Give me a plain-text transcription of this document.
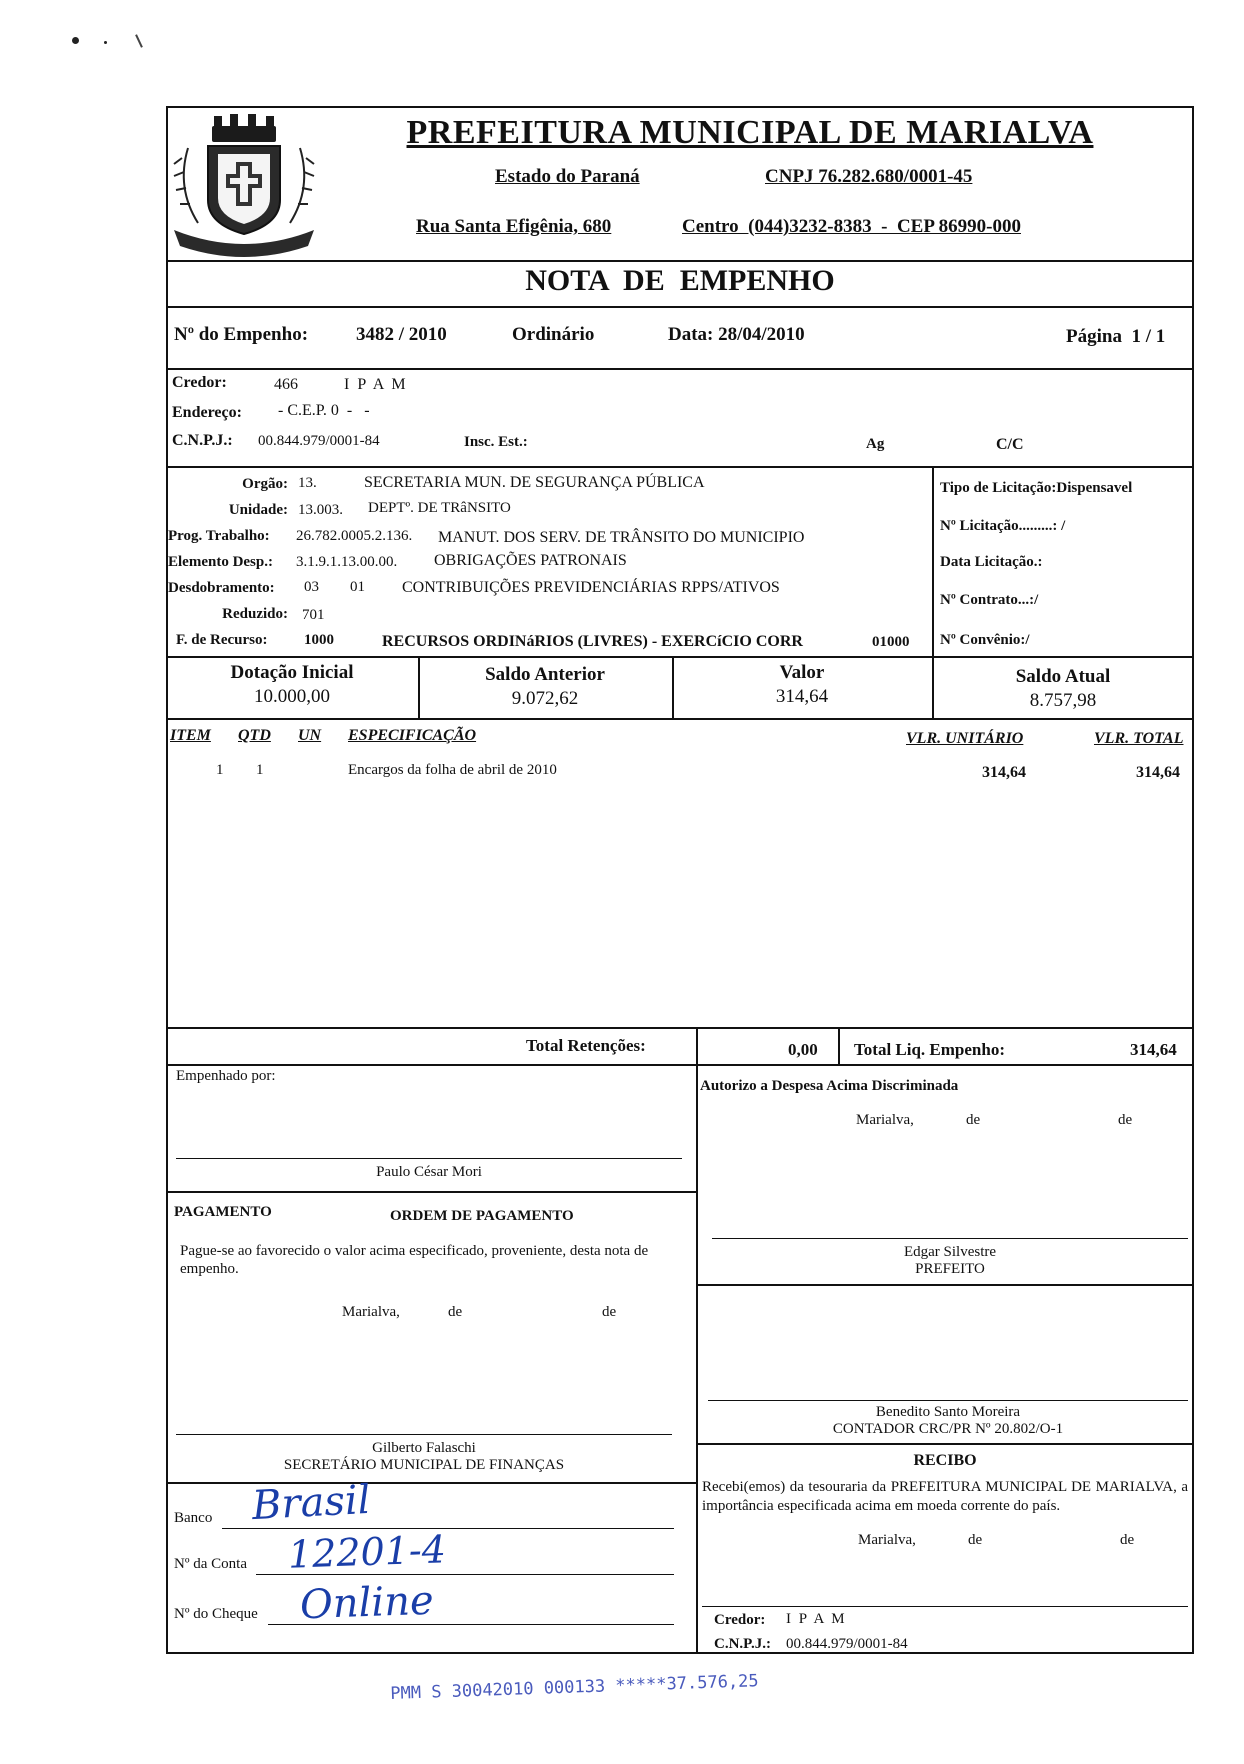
PREFEITURA MUNICIPAL DE MARIALVA
Estado do Paraná	CNPJ 76.282.680/0001-45
Rua Santa Efigênia, 680	Centro  (044)3232-8383  -  CEP 86990-000
NOTA  DE  EMPENHO
Nº do Empenho:	3482 / 2010	Ordinário	Data: 28/04/2010	Página  1 / 1
Credor:	466	I P A M
Endereço: - C.E.P. 0  -   -
C.N.P.J.: 00.844.979/0001-84	Insc. Est.:	Ag	C/C
Orgão: 13.	SECRETARIA MUN. DE SEGURANÇA PÚBLICA
Unidade: 13.003. DEPTº. DE TRâNSITO
Prog. Trabalho: 26.782.0005.2.136. MANUT. DOS SERV. DE TRÂNSITO DO MUNICIPIO
Elemento Desp.: 3.1.9.1.13.00.00. OBRIGAÇÕES PATRONAIS
Desdobramento: 03 01 CONTRIBUIÇÕES PREVIDENCIÁRIAS RPPS/ATIVOS
Reduzido: 701
F. de Recurso: 1000	RECURSOS ORDINáRIOS (LIVRES) - EXERCíCIO CORR	01000
Tipo de Licitação:Dispensavel
Nº Licitação.........: /
Data Licitação.:
Nº Contrato...:/
Nº Convênio:/
Dotação Inicial
10.000,00
Saldo Anterior
9.072,62
Valor
314,64
Saldo Atual
8.757,98
ITEM QTD UN ESPECIFICAÇÃO	VLR. UNITÁRIO	VLR. TOTAL
1 1	Encargos da folha de abril de 2010	314,64	314,64
Total Retenções:	0,00 Total Liq. Empenho:	314,64
Empenhado por:
Paulo César Mori
Autorizo a Despesa Acima Discriminada
Marialva,	de	de
Edgar Silvestre
PREFEITO
PAGAMENTO	ORDEM DE PAGAMENTO
Pague-se ao favorecido o valor acima especificado, proveniente, desta nota de empenho.
Marialva,	de	de
Gilberto Falaschi
SECRETÁRIO MUNICIPAL DE FINANÇAS
Benedito Santo Moreira
CONTADOR CRC/PR Nº 20.802/O-1
RECIBO
Recebi(emos) da tesouraria da PREFEITURA MUNICIPAL DE MARIALVA, a importância especificada acima em moeda corrente do país.
Marialva,	de	de
Credor: I P A M
C.N.P.J.: 00.844.979/0001-84
Banco Brasil
Nº da Conta 12201-4
Nº do Cheque Online
PMM S 30042010 000133 *****37.576,25
